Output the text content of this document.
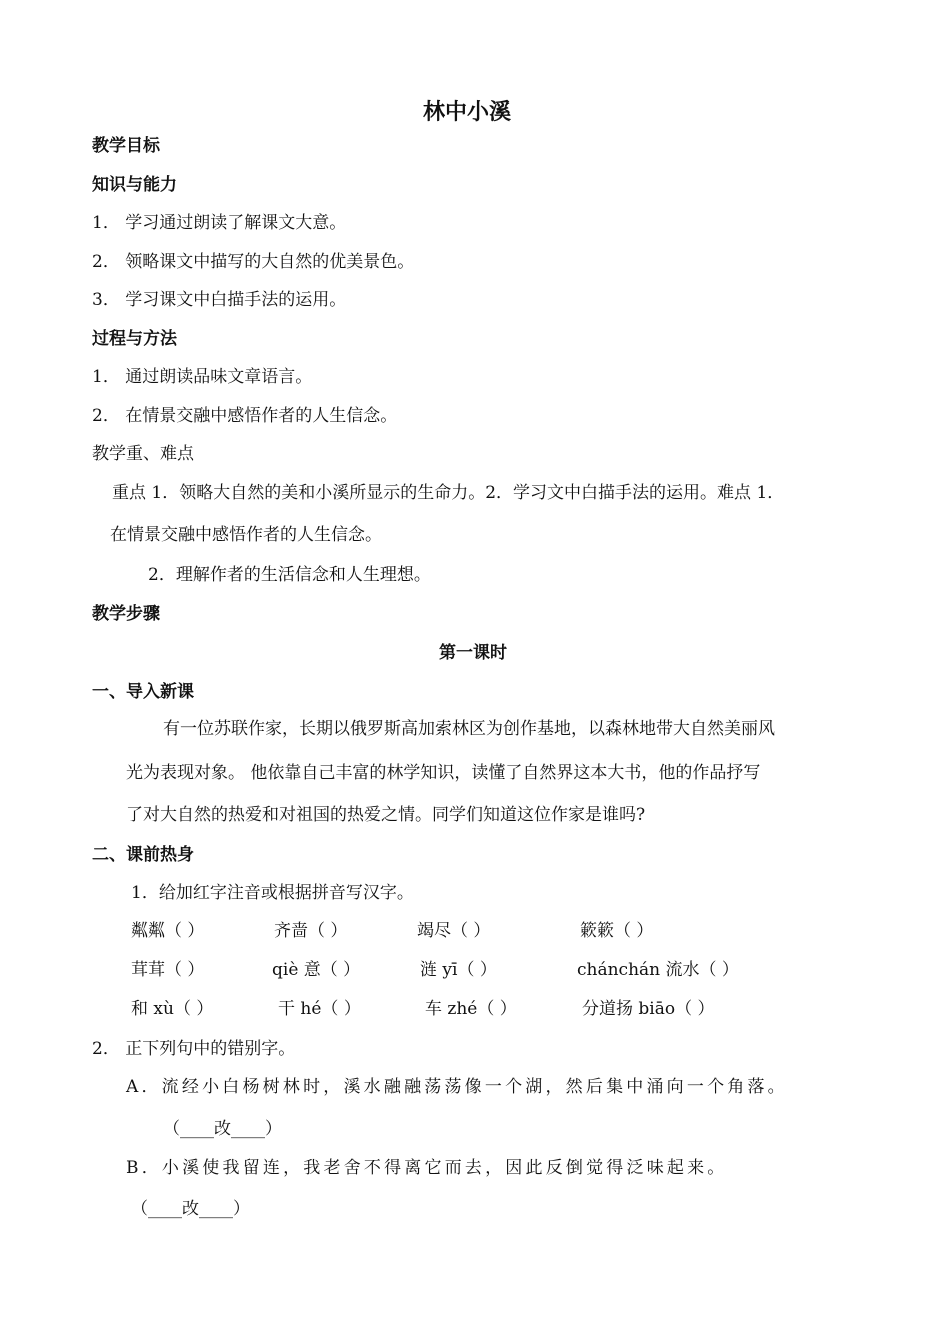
林中小溪
教学目标
知识与能力
1． 学习通过朗读了解课文大意。
2． 领略课文中描写的大自然的优美景色。
3． 学习课文中白描手法的运用。
过程与方法
1． 通过朗读品味文章语言。
2． 在情景交融中感悟作者的人生信念。
教学重、难点
重点 1．领略大自然的美和小溪所显示的生命力。2．学习文中白描手法的运用。难点 1．
在情景交融中感悟作者的人生信念。
2．理解作者的生活信念和人生理想。
教学步骤
第一课时
一、导入新课
有一位苏联作家，长期以俄罗斯高加索林区为创作基地，以森林地带大自然美丽风
光为表现对象。 他依靠自己丰富的林学知识，读懂了自然界这本大书，他的作品抒写
了对大自然的热爱和对祖国的热爱之情。同学们知道这位作家是谁吗?
二、课前热身
1．给加红字注音或根据拼音写汉字。
粼粼（ ）	齐啬（ ）	竭尽（ ）	簌簌（ ）
茸茸（ ）	qiè 意（ ）	涟 yī（ ）	chánchán 流水（ ）
和 xù（ ）	干 hé（ ）	车 zhé（ ）	分道扬 biāo（ ）
2． 正下列句中的错别字。
A．流经小白杨树林时，溪水融融荡荡像一个湖，然后集中涌向一个角落。
（____改____）
B．小溪使我留连，我老舍不得离它而去，因此反倒觉得泛味起来。
（____改____）
